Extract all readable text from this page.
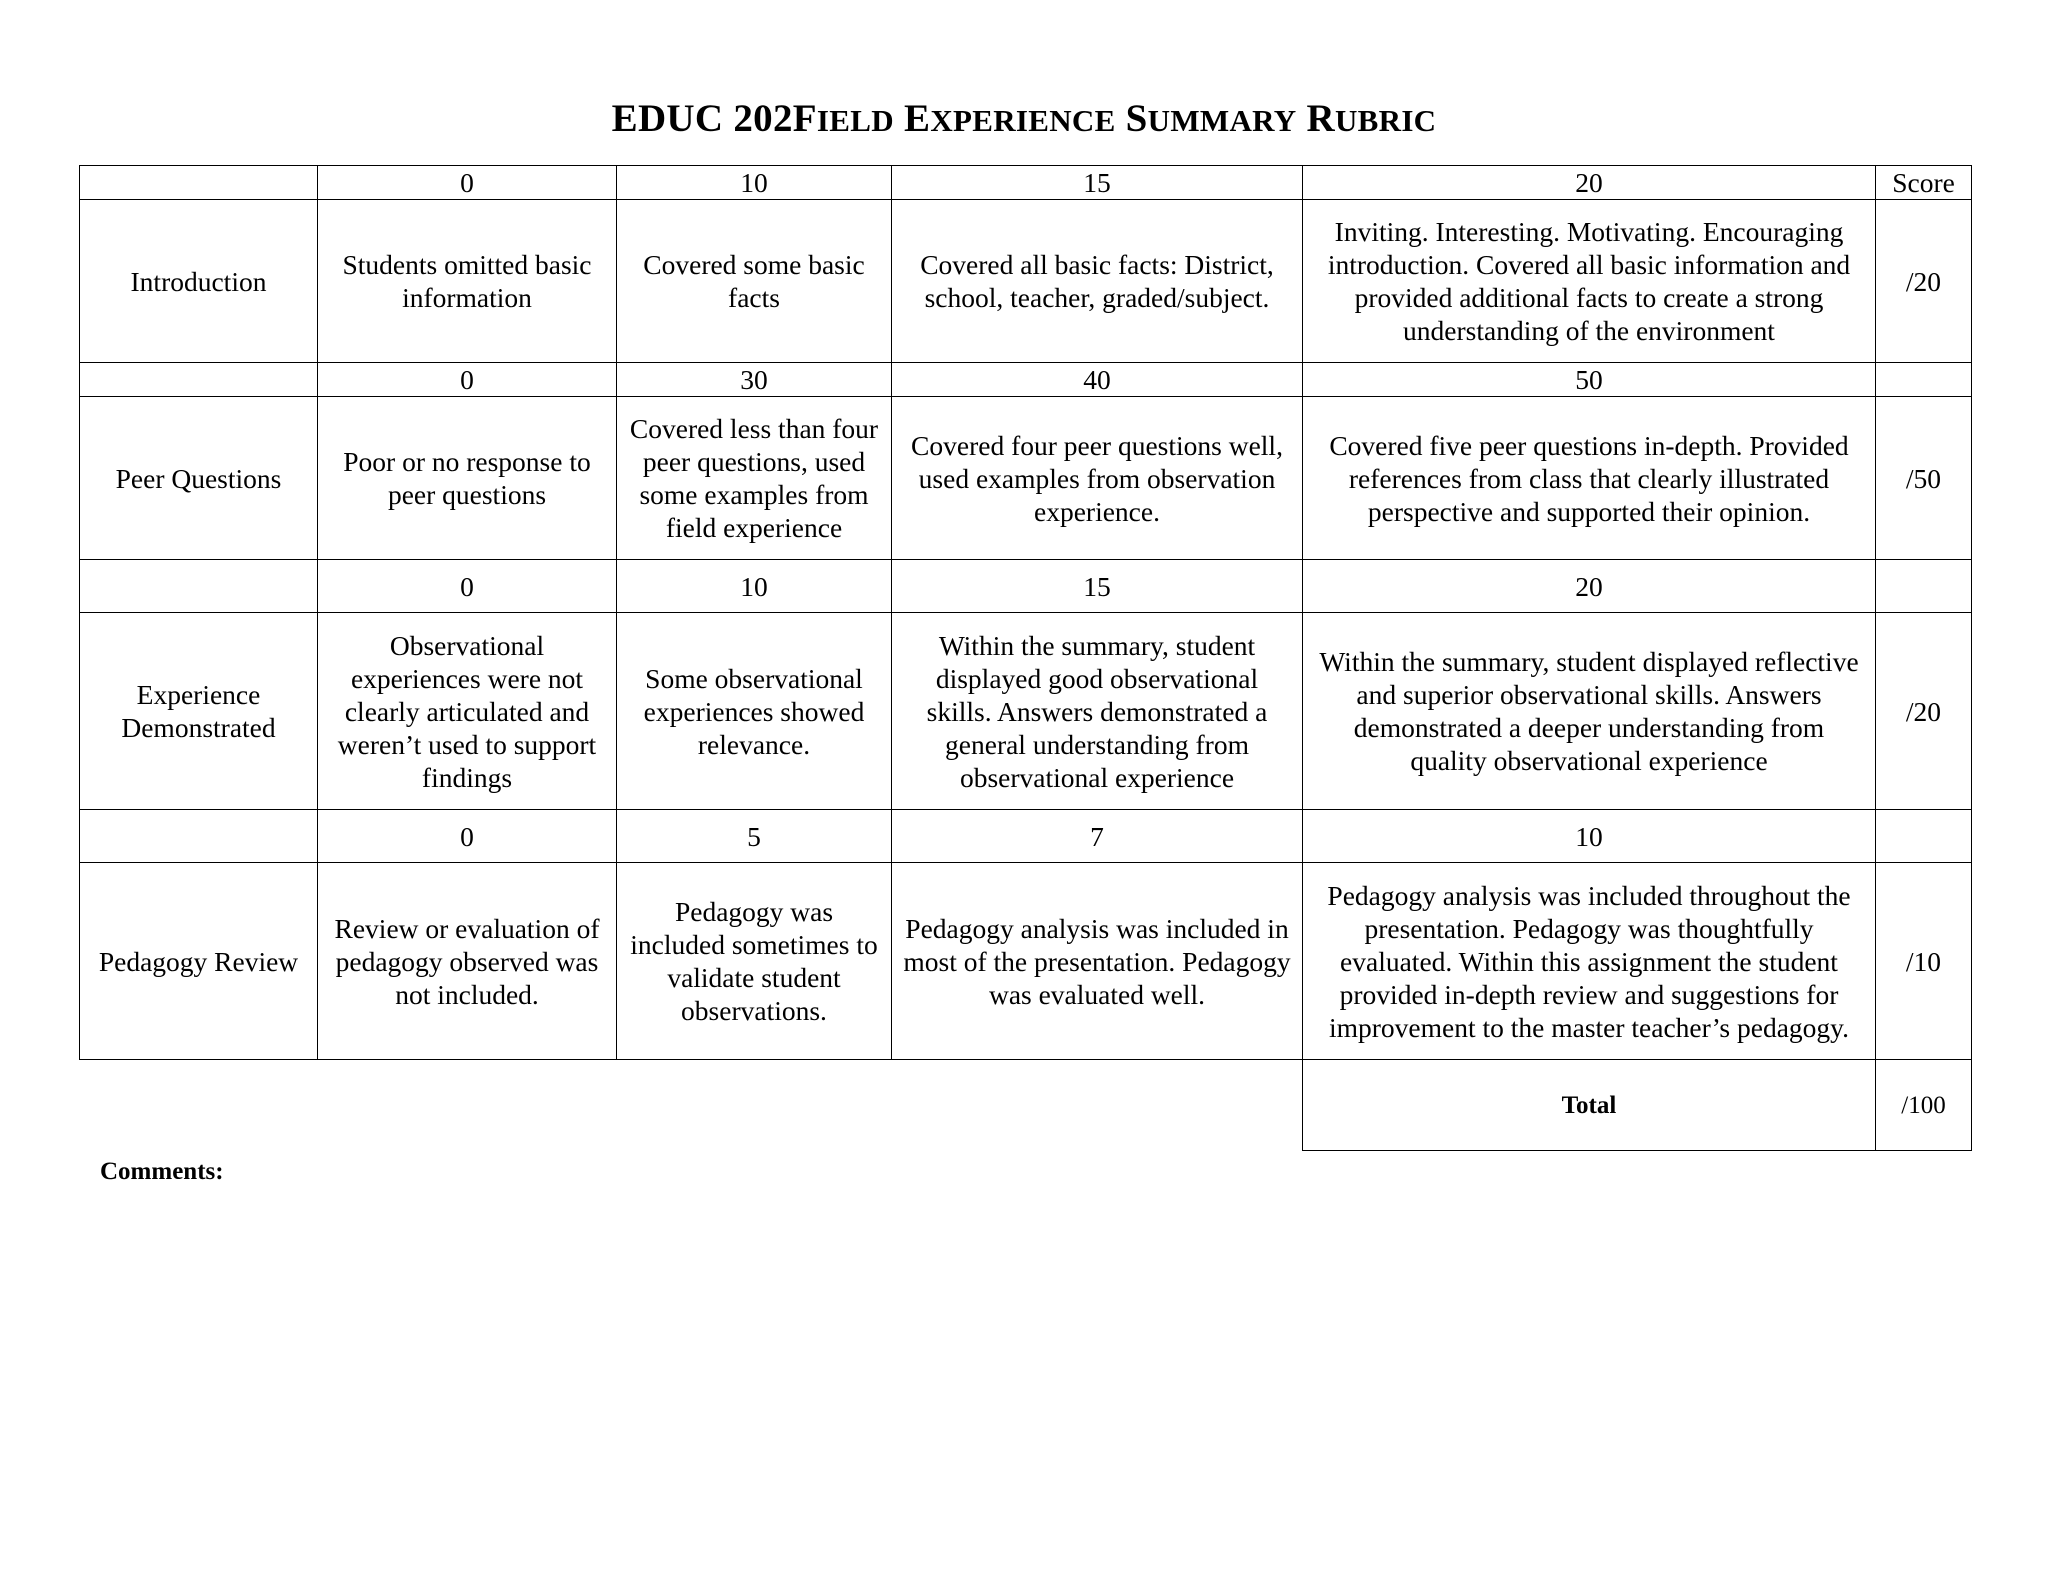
EDUC 202FIELD EXPERIENCE SUMMARY RUBRIC
	0	10	15	20	Score
Introduction	Students omitted basic information	Covered some basic facts	Covered all basic facts: District, school, teacher, graded/subject.	Inviting. Interesting. Motivating. Encouraging introduction. Covered all basic information and provided additional facts to create a strong understanding of the environment	/20
	0	30	40	50	
Peer Questions	Poor or no response to peer questions	Covered less than four peer questions, used some examples from field experience	Covered four peer questions well, used examples from observation experience.	Covered five peer questions in-depth. Provided references from class that clearly illustrated perspective and supported their opinion.	/50
	0	10	15	20	
Experience Demonstrated	Observational experiences were not clearly articulated and weren’t used to support findings	Some observational experiences showed relevance.	Within the summary, student displayed good observational skills. Answers demonstrated a general understanding from observational experience	Within the summary, student displayed reflective and superior observational skills. Answers demonstrated a deeper understanding from quality observational experience	/20
	0	5	7	10	
Pedagogy Review	Review or evaluation of pedagogy observed was not included.	Pedagogy was included sometimes to validate student observations.	Pedagogy analysis was included in most of the presentation. Pedagogy was evaluated well.	Pedagogy analysis was included throughout the presentation. Pedagogy was thoughtfully evaluated. Within this assignment the student provided in-depth review and suggestions for improvement to the master teacher’s pedagogy.	/10
				Total	/100
Comments:
